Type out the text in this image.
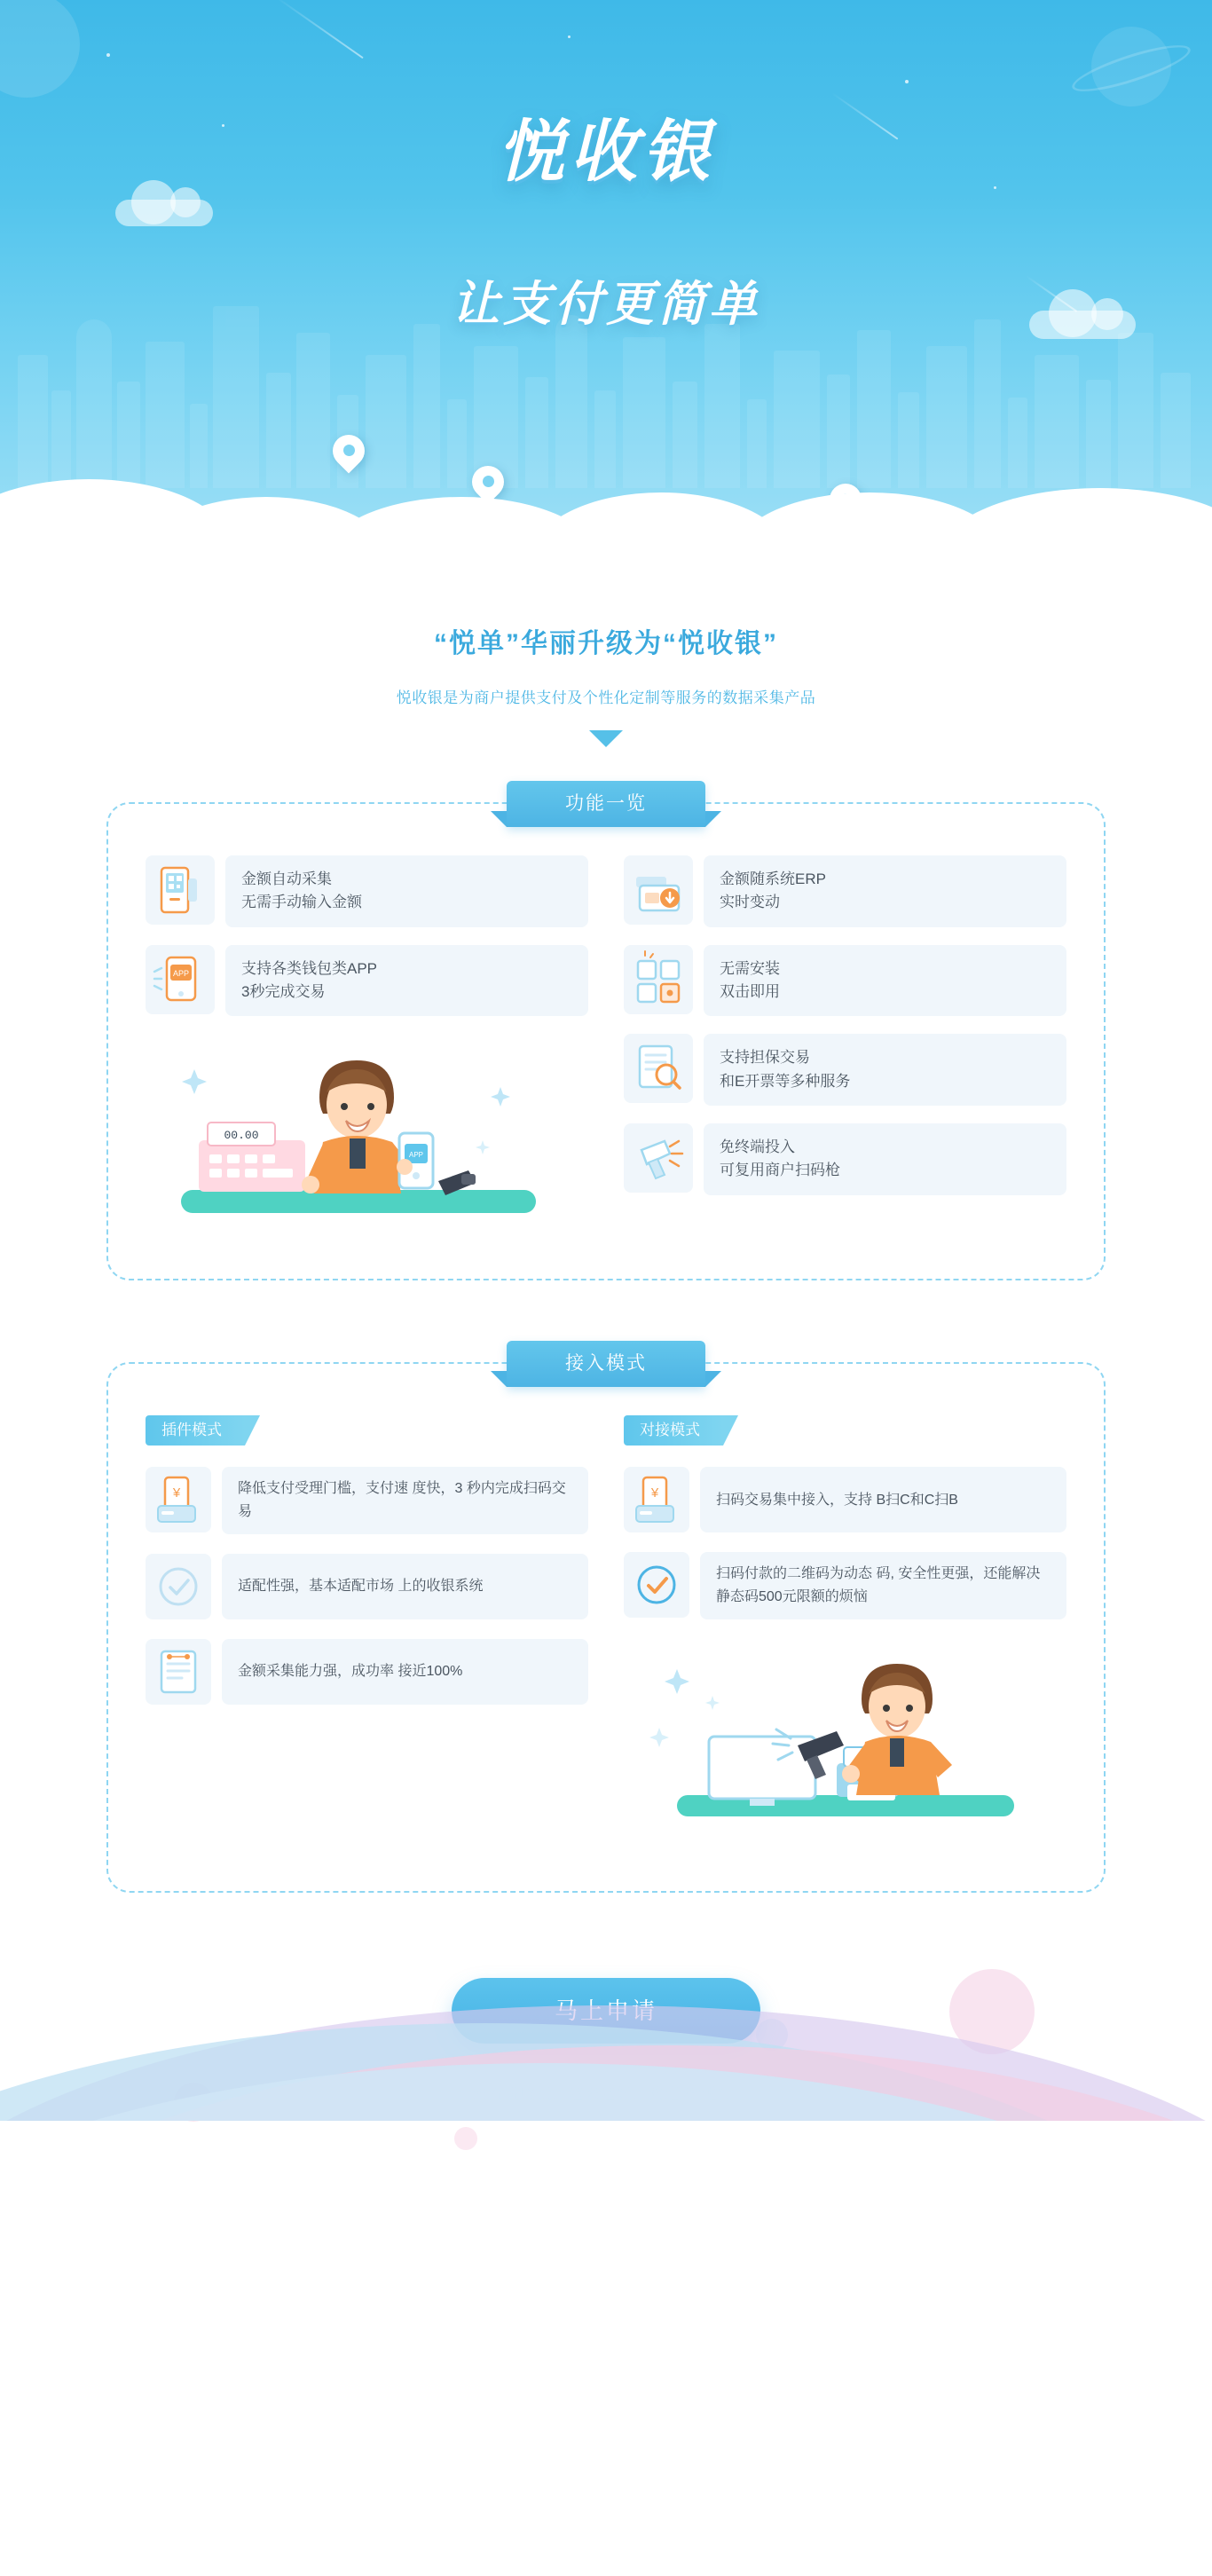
悦收银
让支付更简单
“悦单”华丽升级为“悦收银”
悦收银是为商户提供支付及个性化定制等服务的数据采集产品
功能一览
金额自动采集
无需手动输入金额
APP	支持各类钱包类APP
3秒完成交易
00.00
APP
金额随系统ERP
实时变动
无需安装
双击即用
支持担保交易
和E开票等多种服务
免终端投入
可复用商户扫码枪
接入模式
插件模式
¥	降低支付受理门槛，支付速 度快，3 秒内完成扫码交易
适配性强，基本适配市场 上的收银系统
金额采集能力强，成功率 接近100%
对接模式
¥	扫码交易集中接入，支持 B扫C和C扫B
扫码付款的二维码为动态 码, 安全性更强，还能解决 静态码500元限额的烦恼
